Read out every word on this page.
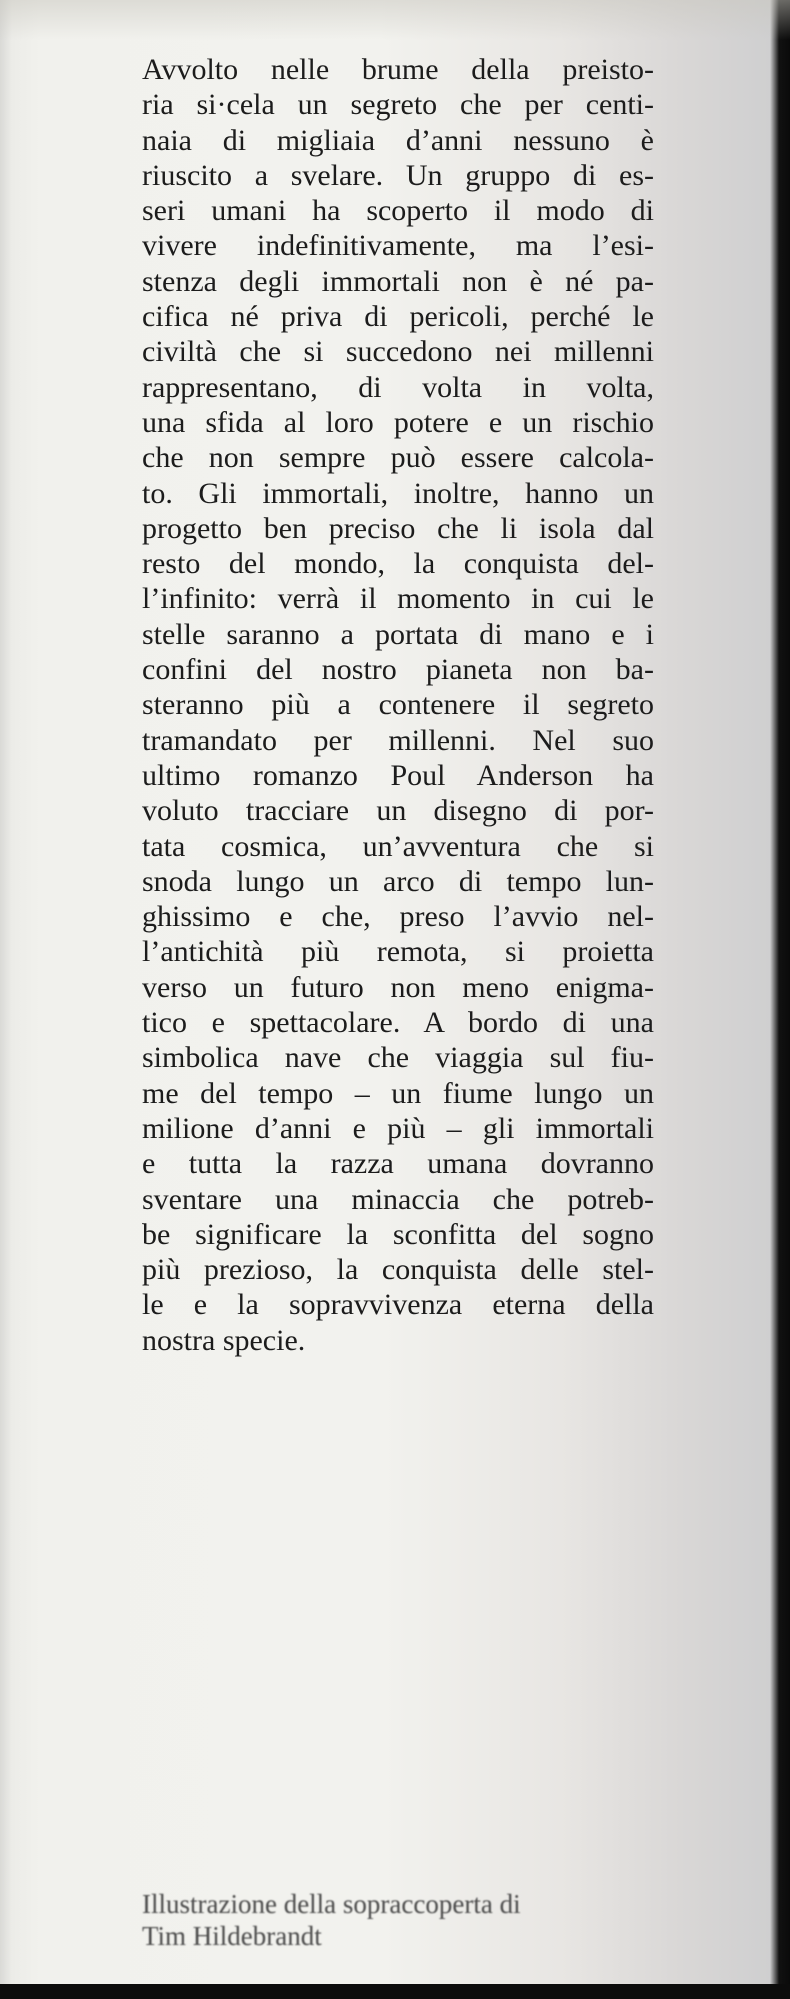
Avvolto nelle brume della preisto-
ria si·cela un segreto che per centi-
naia di migliaia d’anni nessuno è
riuscito a svelare. Un gruppo di es-
seri umani ha scoperto il modo di
vivere indefinitivamente, ma l’esi-
stenza degli immortali non è né pa-
cifica né priva di pericoli, perché le
civiltà che si succedono nei millenni
rappresentano, di volta in volta,
una sfida al loro potere e un rischio
che non sempre può essere calcola-
to. Gli immortali, inoltre, hanno un
progetto ben preciso che li isola dal
resto del mondo, la conquista del-
l’infinito: verrà il momento in cui le
stelle saranno a portata di mano e i
confini del nostro pianeta non ba-
steranno più a contenere il segreto
tramandato per millenni. Nel suo
ultimo romanzo Poul Anderson ha
voluto tracciare un disegno di por-
tata cosmica, un’avventura che si
snoda lungo un arco di tempo lun-
ghissimo e che, preso l’avvio nel-
l’antichità più remota, si proietta
verso un futuro non meno enigma-
tico e spettacolare. A bordo di una
simbolica nave che viaggia sul fiu-
me del tempo – un fiume lungo un
milione d’anni e più – gli immortali
e tutta la razza umana dovranno
sventare una minaccia che potreb-
be significare la sconfitta del sogno
più prezioso, la conquista delle stel-
le e la sopravvivenza eterna della
nostra specie.
Illustrazione della sopraccoperta di
Tim Hildebrandt
